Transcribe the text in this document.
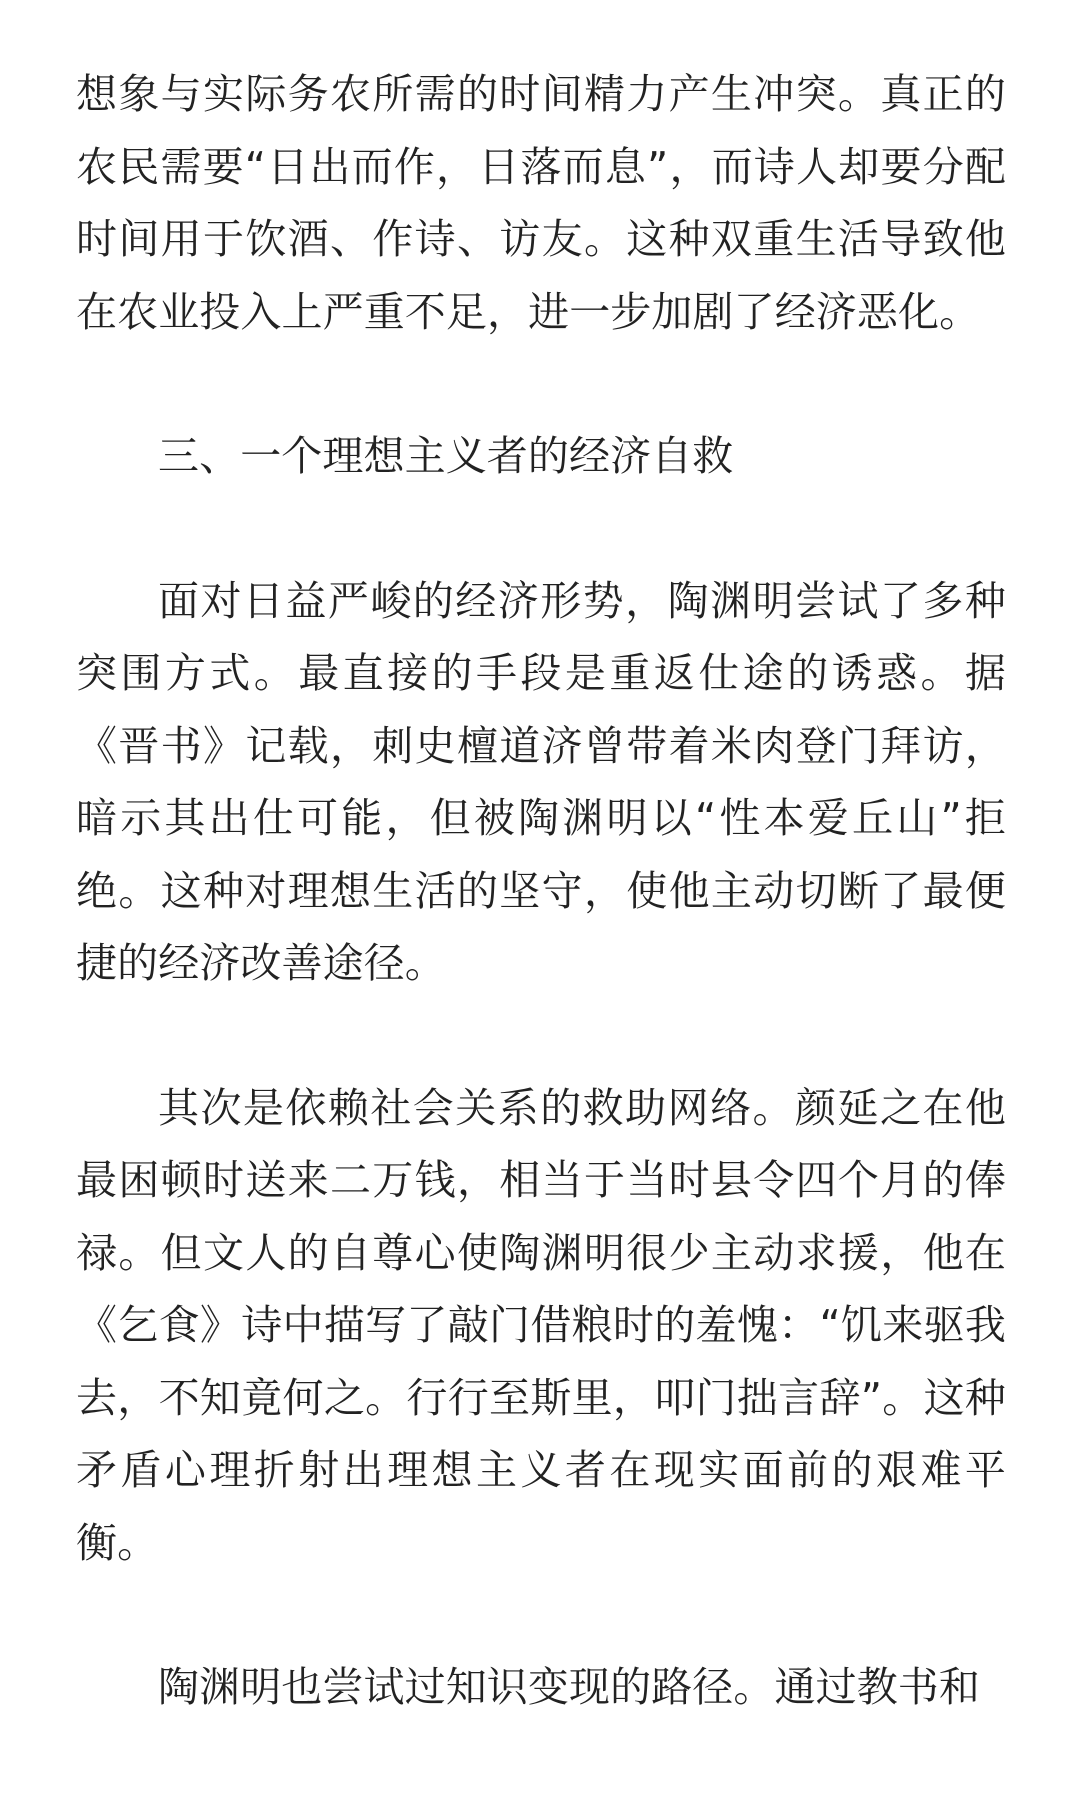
想象与实际务农所需的时间精力产生冲突。真正的农民需要“日出而作，日落而息”，而诗人却要分配时间用于饮酒、作诗、访友。这种双重生活导致他在农业投入上严重不足，进一步加剧了经济恶化。

三、一个理想主义者的经济自救

面对日益严峻的经济形势，陶渊明尝试了多种突围方式。最直接的手段是重返仕途的诱惑。据《晋书》记载，刺史檀道济曾带着米肉登门拜访，暗示其出仕可能，但被陶渊明以“性本爱丘山”拒绝。这种对理想生活的坚守，使他主动切断了最便捷的经济改善途径。

其次是依赖社会关系的救助网络。颜延之在他最困顿时送来二万钱，相当于当时县令四个月的俸禄。但文人的自尊心使陶渊明很少主动求援，他在《乞食》诗中描写了敲门借粮时的羞愧：“饥来驱我去，不知竟何之。行行至斯里，叩门拙言辞”。这种矛盾心理折射出理想主义者在现实面前的艰难平衡。

陶渊明也尝试过知识变现的路径。通过教书和
